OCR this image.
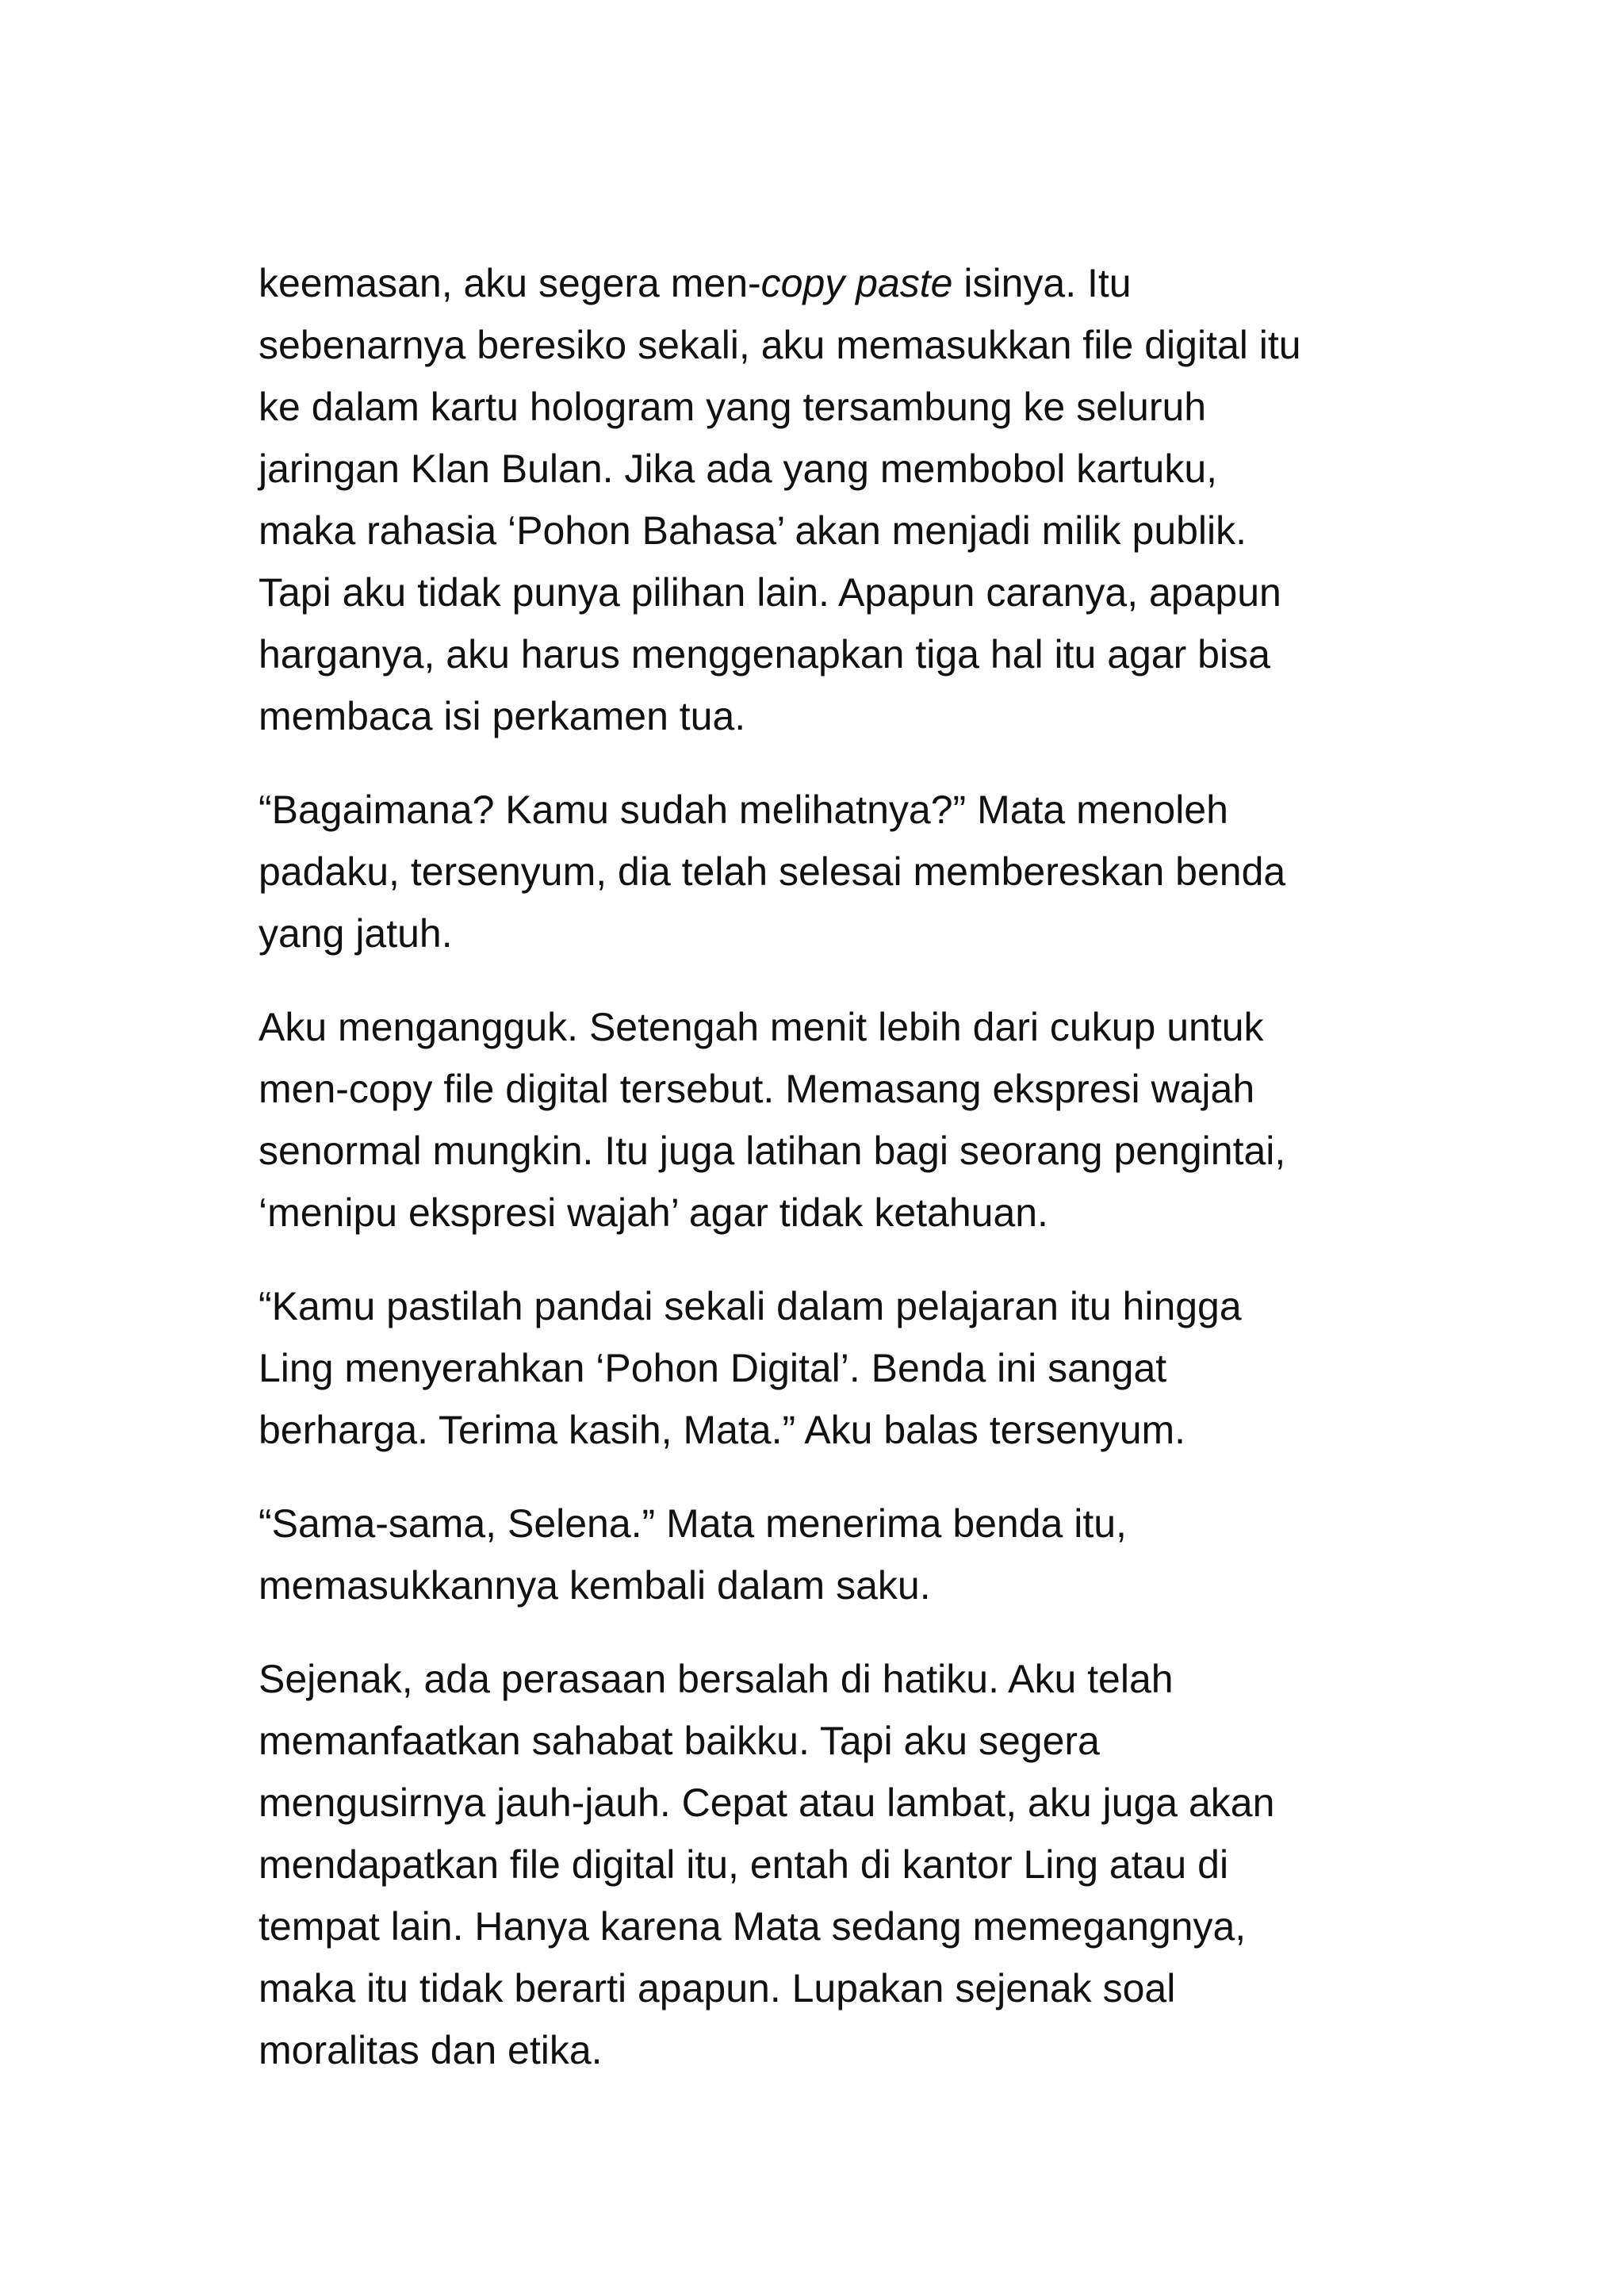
keemasan, aku segera men-copy paste isinya. Itu
sebenarnya beresiko sekali, aku memasukkan file digital itu
ke dalam kartu hologram yang tersambung ke seluruh
jaringan Klan Bulan. Jika ada yang membobol kartuku,
maka rahasia ‘Pohon Bahasa’ akan menjadi milik publik.
Tapi aku tidak punya pilihan lain. Apapun caranya, apapun
harganya, aku harus menggenapkan tiga hal itu agar bisa
membaca isi perkamen tua.

“Bagaimana? Kamu sudah melihatnya?” Mata menoleh
padaku, tersenyum, dia telah selesai membereskan benda
yang jatuh.

Aku mengangguk. Setengah menit lebih dari cukup untuk
men-copy file digital tersebut. Memasang ekspresi wajah
senormal mungkin. Itu juga latihan bagi seorang pengintai,
‘menipu ekspresi wajah’ agar tidak ketahuan.

“Kamu pastilah pandai sekali dalam pelajaran itu hingga
Ling menyerahkan ‘Pohon Digital’. Benda ini sangat
berharga. Terima kasih, Mata.” Aku balas tersenyum.

“Sama-sama, Selena.” Mata menerima benda itu,
memasukkannya kembali dalam saku.

Sejenak, ada perasaan bersalah di hatiku. Aku telah
memanfaatkan sahabat baikku. Tapi aku segera
mengusirnya jauh-jauh. Cepat atau lambat, aku juga akan
mendapatkan file digital itu, entah di kantor Ling atau di
tempat lain. Hanya karena Mata sedang memegangnya,
maka itu tidak berarti apapun. Lupakan sejenak soal
moralitas dan etika.
